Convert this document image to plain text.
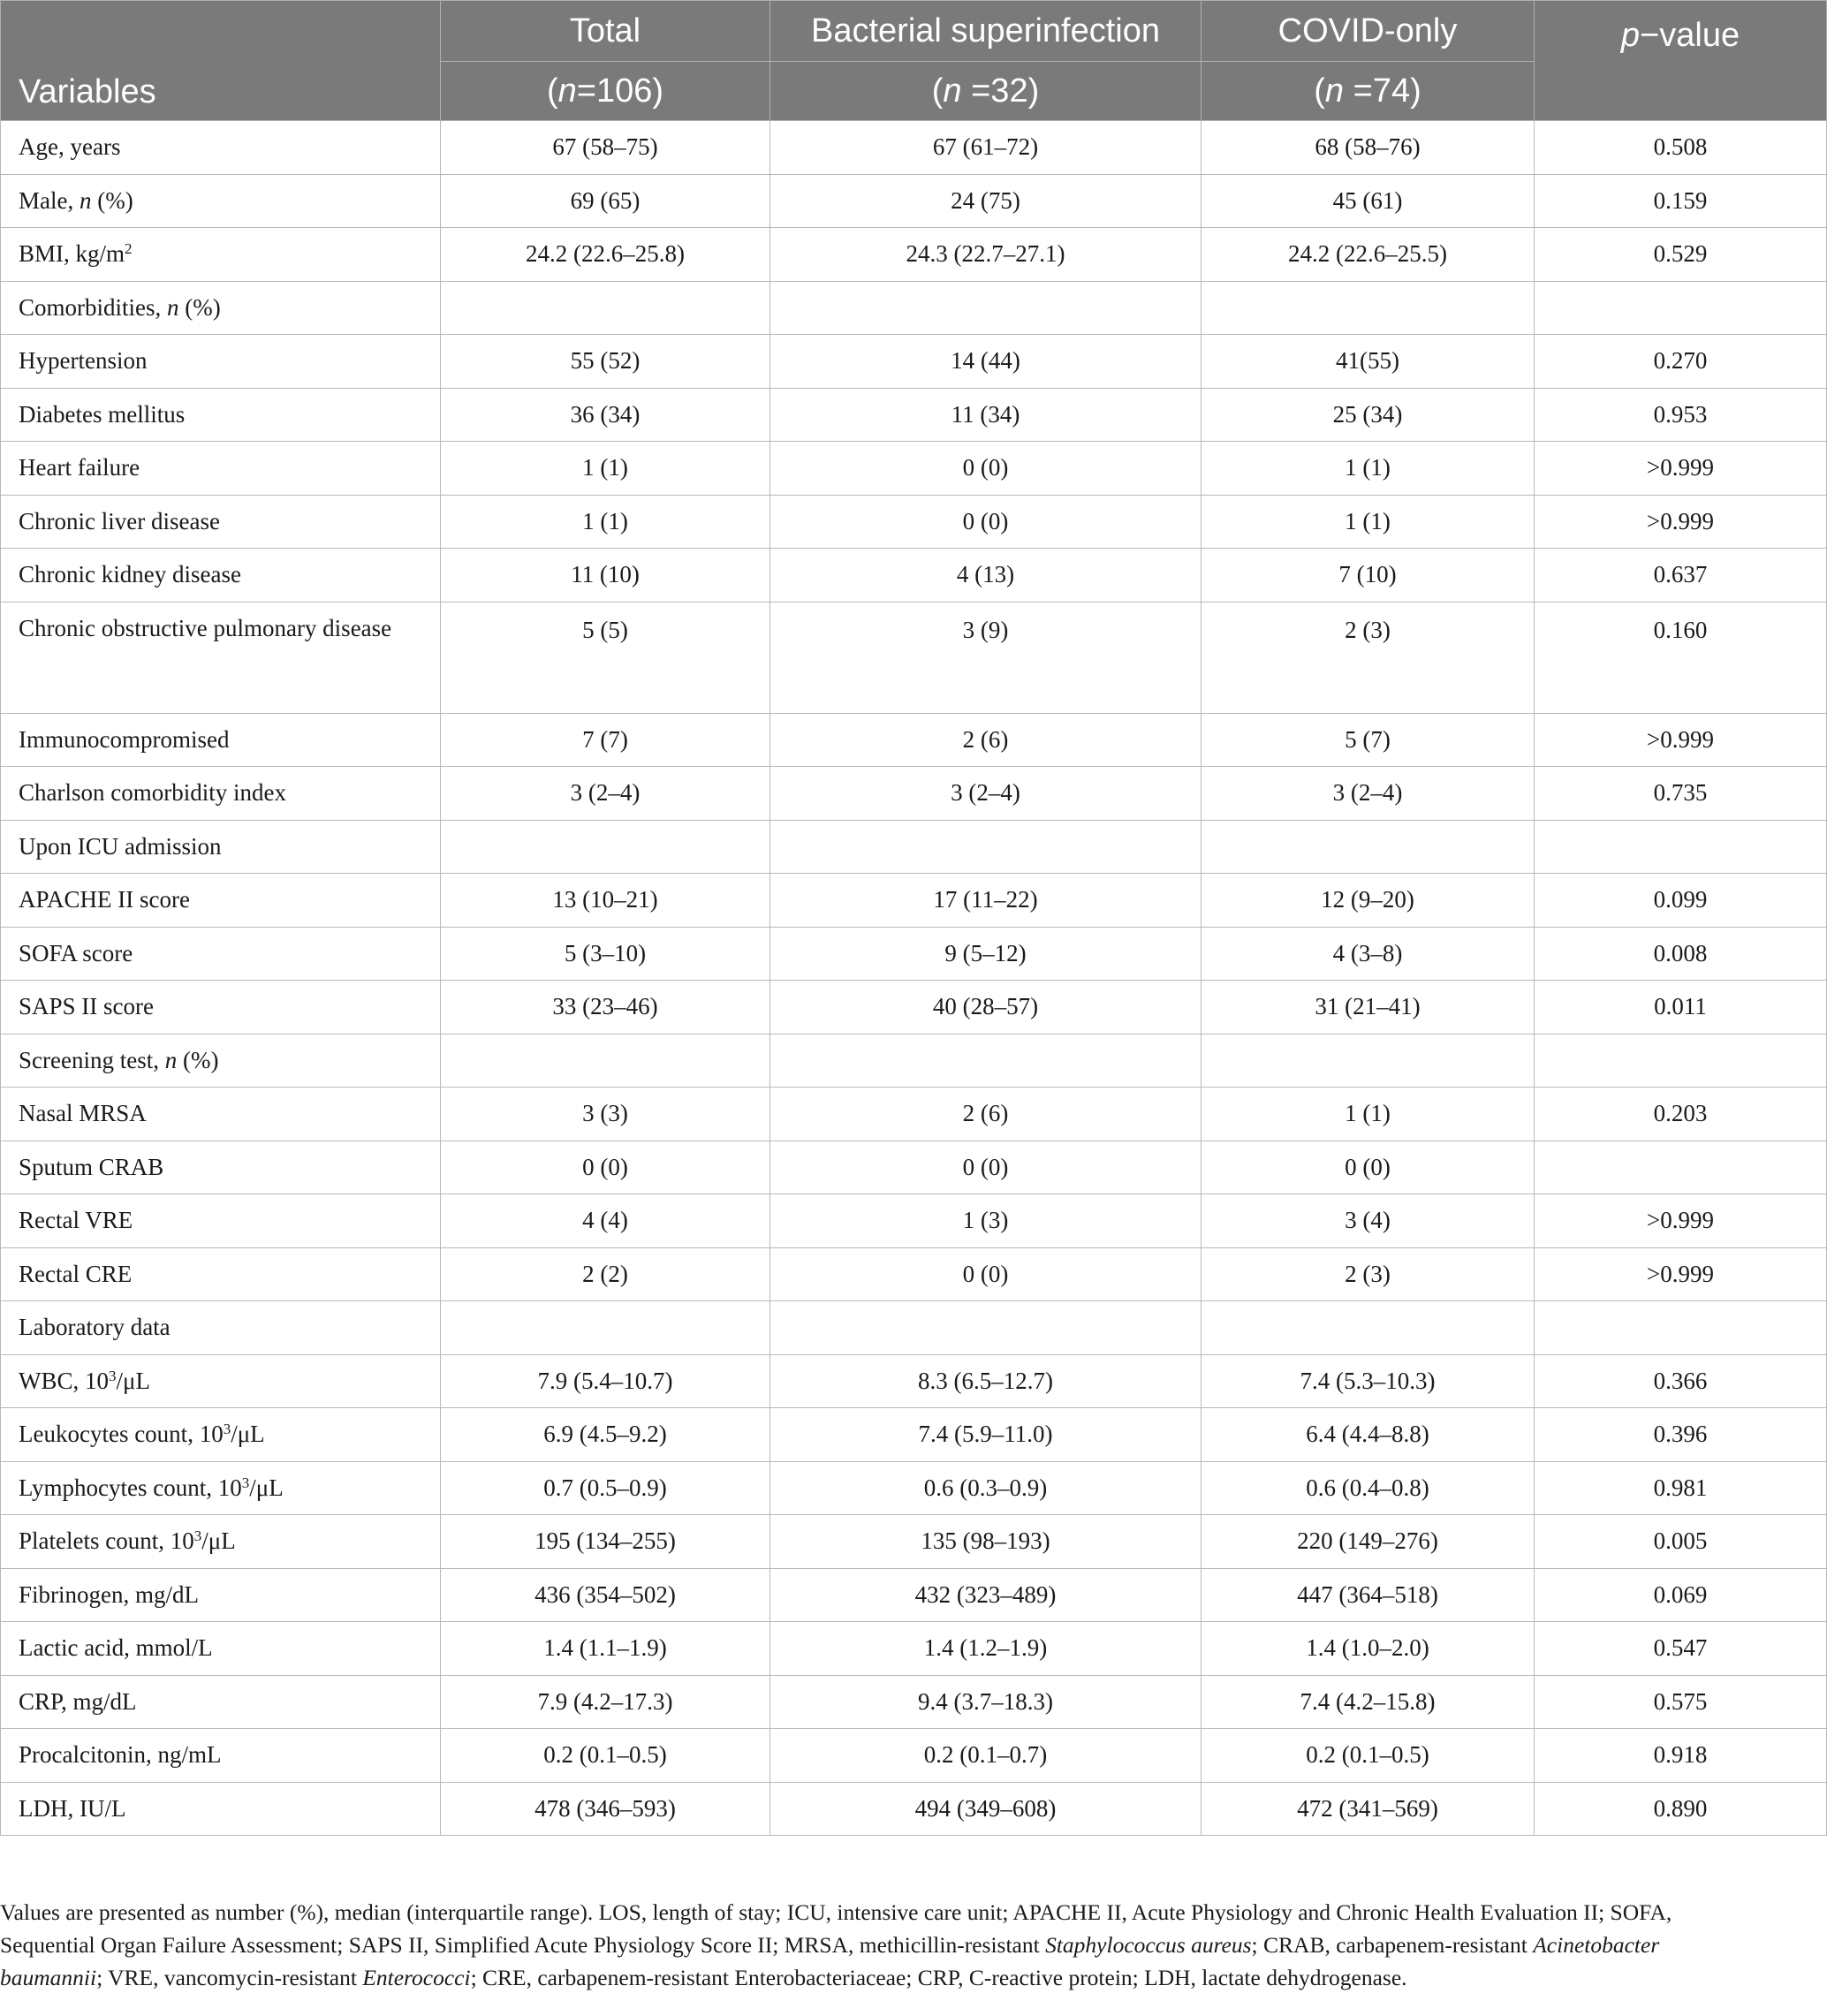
Variables	Total	Bacterial superinfection	COVID-only	p−value
	(n=106)	(n =32)	(n =74)	
Age, years	67 (58–75)	67 (61–72)	68 (58–76)	0.508
Male, n (%)	69 (65)	24 (75)	45 (61)	0.159
BMI, $kg/m^2$	24.2 (22.6–25.8)	24.3 (22.7–27.1)	24.2 (22.6–25.5)	0.529
Comorbidities, n (%)				
Hypertension	55 (52)	14 (44)	41(55)	0.270
Diabetes mellitus	36 (34)	11 (34)	25 (34)	0.953
Heart failure	1 (1)	0 (0)	1 (1)	>0.999
Chronic liver disease	1 (1)	0 (0)	1 (1)	>0.999
Chronic kidney disease	11 (10)	4 (13)	7 (10)	0.637
Chronic obstructive pulmonary disease	5 (5)	3 (9)	2 (3)	0.160
Immunocompromised	7 (7)	2 (6)	5 (7)	>0.999
Charlson comorbidity index	3 (2–4)	3 (2–4)	3 (2–4)	0.735
Upon ICU admission				
APACHE II score	13 (10–21)	17 (11–22)	12 (9–20)	0.099
SOFA score	5 (3–10)	9 (5–12)	4 (3–8)	0.008
SAPS II score	33 (23–46)	40 (28–57)	31 (21–41)	0.011
Screening test, n (%)				
Nasal MRSA	3 (3)	2 (6)	1 (1)	0.203
Sputum CRAB	0 (0)	0 (0)	0 (0)	
Rectal VRE	4 (4)	1 (3)	3 (4)	>0.999
Rectal CRE	2 (2)	0 (0)	2 (3)	>0.999
Laboratory data				
WBC, $10^3/\mu L$	7.9 (5.4–10.7)	8.3 (6.5–12.7)	7.4 (5.3–10.3)	0.366
Leukocytes count, $10^3/\mu L$	6.9 (4.5–9.2)	7.4 (5.9–11.0)	6.4 (4.4–8.8)	0.396
Lymphocytes count, $10^3/\mu L$	0.7 (0.5–0.9)	0.6 (0.3–0.9)	0.6 (0.4–0.8)	0.981
Platelets count, $10^3/\mu L$	195 (134–255)	135 (98–193)	220 (149–276)	0.005
Fibrinogen, mg/dL	436 (354–502)	432 (323–489)	447 (364–518)	0.069
Lactic acid, mmol/L	1.4 (1.1–1.9)	1.4 (1.2–1.9)	1.4 (1.0–2.0)	0.547
CRP, mg/dL	7.9 (4.2–17.3)	9.4 (3.7–18.3)	7.4 (4.2–15.8)	0.575
Procalcitonin, ng/mL	0.2 (0.1–0.5)	0.2 (0.1–0.7)	0.2 (0.1–0.5)	0.918
LDH, IU/L	478 (346–593)	494 (349–608)	472 (341–569)	0.890
Values are presented as number (%), median (interquartile range). LOS, length of stay; ICU, intensive care unit; APACHE II, Acute Physiology and Chronic Health Evaluation II; SOFA, Sequential Organ Failure Assessment; SAPS II, Simplified Acute Physiology Score II; MRSA, methicillin-resistant Staphylococcus aureus; CRAB, carbapenem-resistant Acinetobacter baumannii; VRE, vancomycin-resistant Enterococci; CRE, carbapenem-resistant Enterobacteriaceae; CRP, C-reactive protein; LDH, lactate dehydrogenase.
